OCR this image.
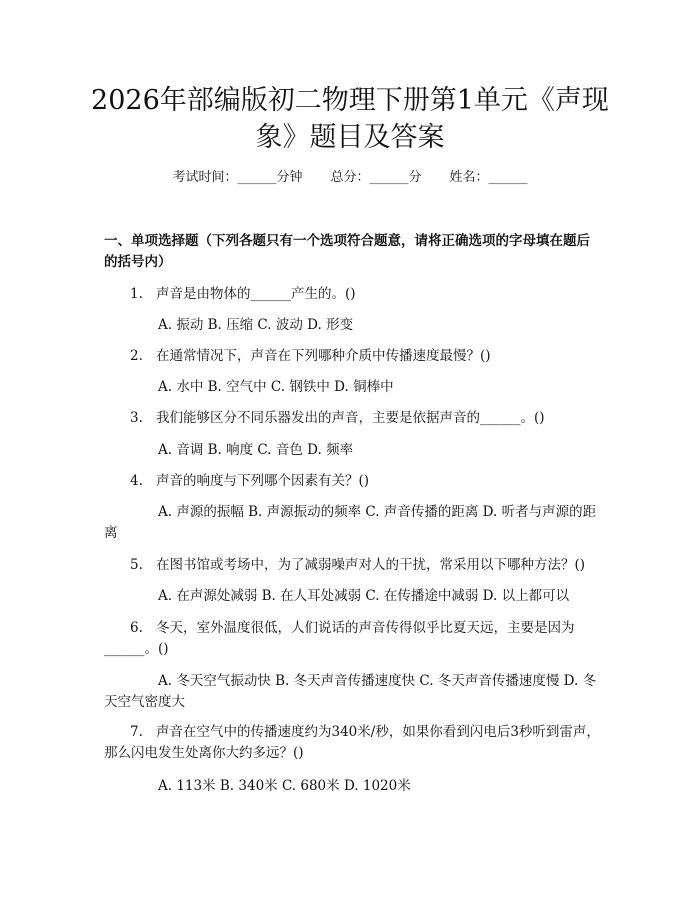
2026年部编版初二物理下册第1单元《声现象》题目及答案
考试时间：______分钟 总分：______分 姓名：______
一、单项选择题（下列各题只有一个选项符合题意，请将正确选项的字母填在题后的括号内）
1. 声音是由物体的______产生的。()
A. 振动 B. 压缩 C. 波动 D. 形变
2. 在通常情况下，声音在下列哪种介质中传播速度最慢？()
A. 水中 B. 空气中 C. 钢铁中 D. 铜棒中
3. 我们能够区分不同乐器发出的声音，主要是依据声音的______。()
A. 音调 B. 响度 C. 音色 D. 频率
4. 声音的响度与下列哪个因素有关？()
A. 声源的振幅 B. 声源振动的频率 C. 声音传播的距离 D. 听者与声源的距离
5. 在图书馆或考场中，为了减弱噪声对人的干扰，常采用以下哪种方法？()
A. 在声源处减弱 B. 在人耳处减弱 C. 在传播途中减弱 D. 以上都可以
6. 冬天，室外温度很低，人们说话的声音传得似乎比夏天远，主要是因为______。()
A. 冬天空气振动快 B. 冬天声音传播速度快 C. 冬天声音传播速度慢 D. 冬天空气密度大
7. 声音在空气中的传播速度约为340米/秒，如果你看到闪电后3秒听到雷声，那么闪电发生处离你大约多远？()
A. 113米 B. 340米 C. 680米 D. 1020米
